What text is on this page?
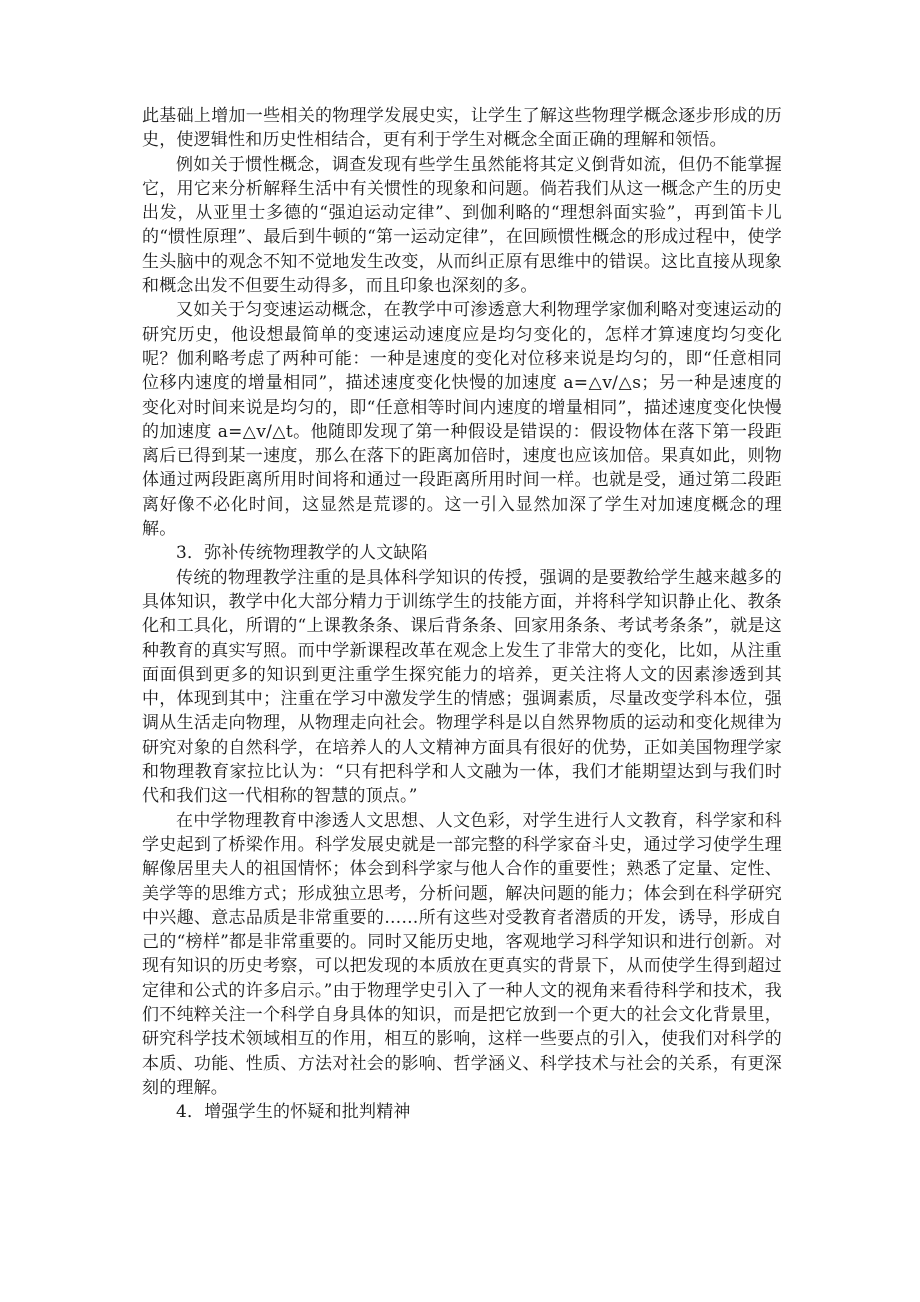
此基础上增加一些相关的物理学发展史实，让学生了解这些物理学概念逐步形成的历史，使逻辑性和历史性相结合，更有利于学生对概念全面正确的理解和领悟。

例如关于惯性概念，调查发现有些学生虽然能将其定义倒背如流，但仍不能掌握它，用它来分析解释生活中有关惯性的现象和问题。倘若我们从这一概念产生的历史出发，从亚里士多德的“强迫运动定律”、到伽利略的“理想斜面实验”，再到笛卡儿的“惯性原理”、最后到牛顿的“第一运动定律”，在回顾惯性概念的形成过程中，使学生头脑中的观念不知不觉地发生改变，从而纠正原有思维中的错误。这比直接从现象和概念出发不但要生动得多，而且印象也深刻的多。

又如关于匀变速运动概念，在教学中可渗透意大利物理学家伽利略对变速运动的研究历史，他设想最简单的变速运动速度应是均匀变化的，怎样才算速度均匀变化呢？伽利略考虑了两种可能：一种是速度的变化对位移来说是均匀的，即“任意相同位移内速度的增量相同”，描述速度变化快慢的加速度 a=△v/△s；另一种是速度的变化对时间来说是均匀的，即“任意相等时间内速度的增量相同”，描述速度变化快慢的加速度 a=△v/△t。他随即发现了第一种假设是错误的：假设物体在落下第一段距离后已得到某一速度，那么在落下的距离加倍时，速度也应该加倍。果真如此，则物体通过两段距离所用时间将和通过一段距离所用时间一样。也就是受，通过第二段距离好像不必化时间，这显然是荒谬的。这一引入显然加深了学生对加速度概念的理解。

3．弥补传统物理教学的人文缺陷

传统的物理教学注重的是具体科学知识的传授，强调的是要教给学生越来越多的具体知识，教学中化大部分精力于训练学生的技能方面，并将科学知识静止化、教条化和工具化，所谓的“上课教条条、课后背条条、回家用条条、考试考条条”，就是这种教育的真实写照。而中学新课程改革在观念上发生了非常大的变化，比如，从注重面面俱到更多的知识到更注重学生探究能力的培养，更关注将人文的因素渗透到其中，体现到其中；注重在学习中激发学生的情感；强调素质，尽量改变学科本位，强调从生活走向物理，从物理走向社会。物理学科是以自然界物质的运动和变化规律为研究对象的自然科学，在培养人的人文精神方面具有很好的优势，正如美国物理学家和物理教育家拉比认为：“只有把科学和人文融为一体，我们才能期望达到与我们时代和我们这一代相称的智慧的顶点。”

在中学物理教育中渗透人文思想、人文色彩，对学生进行人文教育，科学家和科学史起到了桥梁作用。科学发展史就是一部完整的科学家奋斗史，通过学习使学生理解像居里夫人的祖国情怀；体会到科学家与他人合作的重要性；熟悉了定量、定性、美学等的思维方式；形成独立思考，分析问题，解决问题的能力；体会到在科学研究中兴趣、意志品质是非常重要的……所有这些对受教育者潜质的开发，诱导，形成自己的“榜样”都是非常重要的。同时又能历史地，客观地学习科学知识和进行创新。对现有知识的历史考察，可以把发现的本质放在更真实的背景下，从而使学生得到超过定律和公式的许多启示。”由于物理学史引入了一种人文的视角来看待科学和技术，我们不纯粹关注一个科学自身具体的知识，而是把它放到一个更大的社会文化背景里，研究科学技术领域相互的作用，相互的影响，这样一些要点的引入，使我们对科学的本质、功能、性质、方法对社会的影响、哲学涵义、科学技术与社会的关系，有更深刻的理解。

4．增强学生的怀疑和批判精神
